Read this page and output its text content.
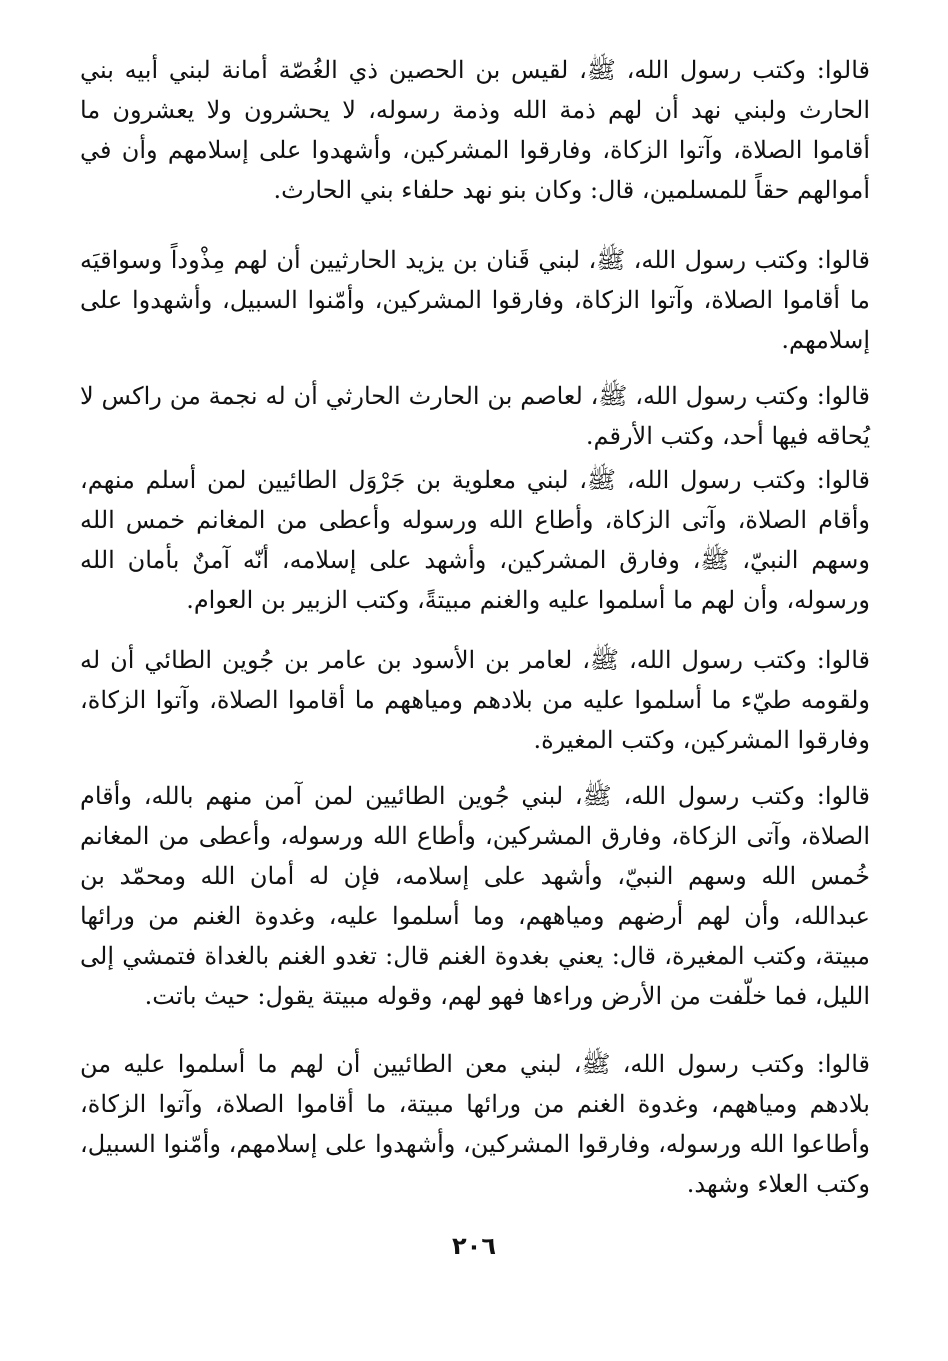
قالوا: وكتب رسول الله، ﷺ، لقيس بن الحصين ذي الغُصّة أمانة لبني أبيه بني الحارث ولبني نهد أن لهم ذمة الله وذمة رسوله، لا يحشرون ولا يعشرون ما أقاموا الصلاة، وآتوا الزكاة، وفارقوا المشركين، وأشهدوا على إسلامهم وأن في أموالهم حقاً للمسلمين، قال: وكان بنو نهد حلفاء بني الحارث.

قالوا: وكتب رسول الله، ﷺ، لبني قَنان بن يزيد الحارثيين أن لهم مِذْوداً وسواقيَه ما أقاموا الصلاة، وآتوا الزكاة، وفارقوا المشركين، وأمّنوا السبيل، وأشهدوا على إسلامهم.

قالوا: وكتب رسول الله، ﷺ، لعاصم بن الحارث الحارثي أن له نجمة من راكس لا يُحاقه فيها أحد، وكتب الأرقم.

قالوا: وكتب رسول الله، ﷺ، لبني معلوية بن جَرْوَل الطائيين لمن أسلم منهم، وأقام الصلاة، وآتى الزكاة، وأطاع الله ورسوله وأعطى من المغانم خمس الله وسهم النبيّ، ﷺ، وفارق المشركين، وأشهد على إسلامه، أنّه آمنٌ بأمان الله ورسوله، وأن لهم ما أسلموا عليه والغنم مبيتةً، وكتب الزبير بن العوام.

قالوا: وكتب رسول الله، ﷺ، لعامر بن الأسود بن عامر بن جُوين الطائي أن له ولقومه طيّء ما أسلموا عليه من بلادهم ومياههم ما أقاموا الصلاة، وآتوا الزكاة، وفارقوا المشركين، وكتب المغيرة.

قالوا: وكتب رسول الله، ﷺ، لبني جُوين الطائيين لمن آمن منهم بالله، وأقام الصلاة، وآتى الزكاة، وفارق المشركين، وأطاع الله ورسوله، وأعطى من المغانم خُمس الله وسهم النبيّ، وأشهد على إسلامه، فإن له أمان الله ومحمّد بن عبدالله، وأن لهم أرضهم ومياههم، وما أسلموا عليه، وغدوة الغنم من ورائها مبيتة، وكتب المغيرة، قال: يعني بغدوة الغنم قال: تغدو الغنم بالغداة فتمشي إلى الليل، فما خلّفت من الأرض وراءها فهو لهم، وقوله مبيتة يقول: حيث باتت.

قالوا: وكتب رسول الله، ﷺ، لبني معن الطائيين أن لهم ما أسلموا عليه من بلادهم ومياههم، وغدوة الغنم من ورائها مبيتة، ما أقاموا الصلاة، وآتوا الزكاة، وأطاعوا الله ورسوله، وفارقوا المشركين، وأشهدوا على إسلامهم، وأمّنوا السبيل، وكتب العلاء وشهد.

٢٠٦
